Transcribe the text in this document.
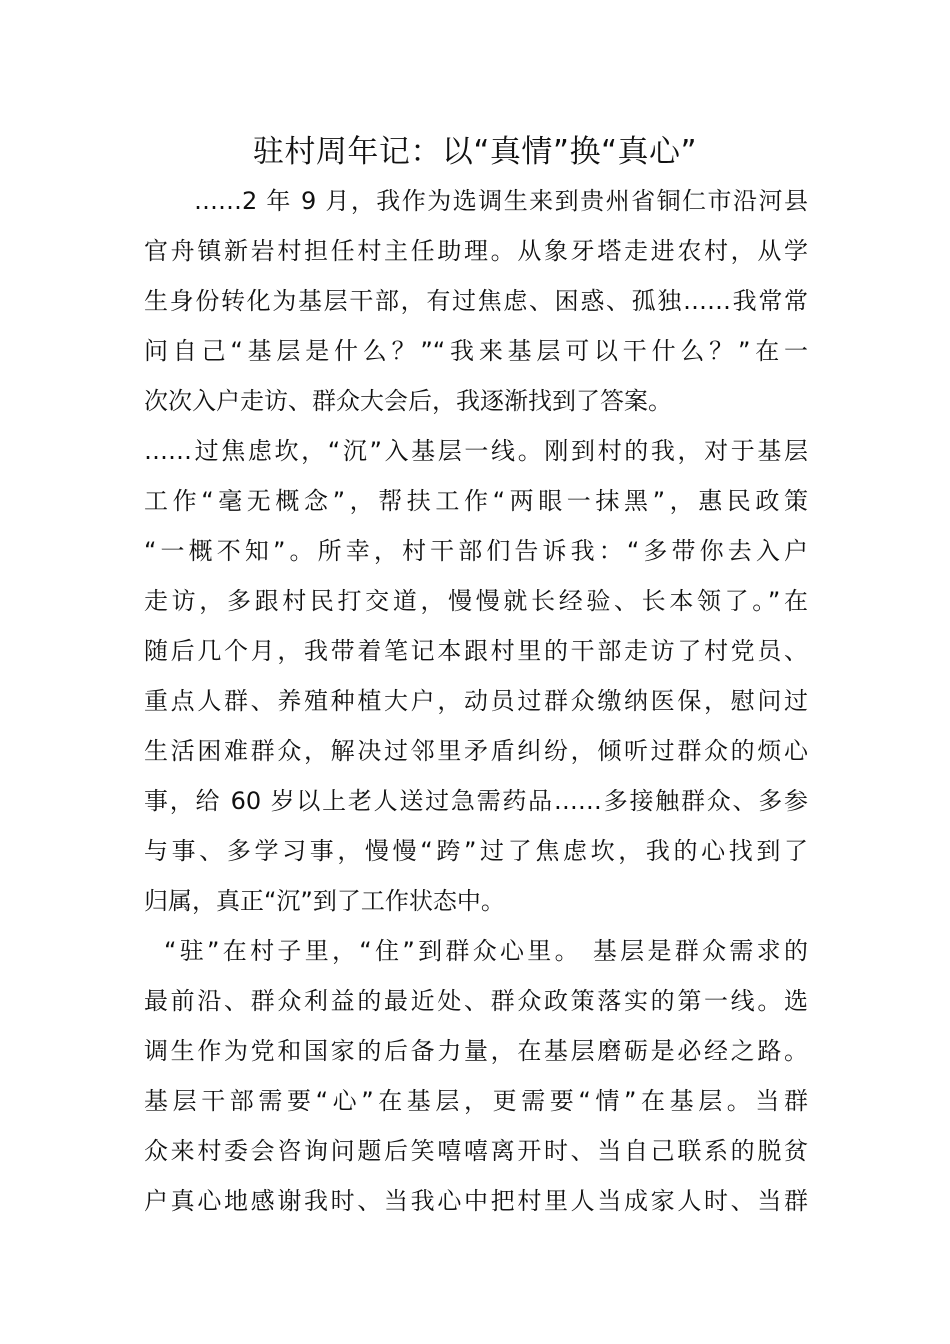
驻村周年记：以“真情”换“真心”

……2 年 9 月，我作为选调生来到贵州省铜仁市沿河县

官舟镇新岩村担任村主任助理。从象牙塔走进农村，从学

生身份转化为基层干部，有过焦虑、困惑、孤独……我常常

问自己“基层是什么？”“我来基层可以干什么？”在一

次次入户走访、群众大会后，我逐渐找到了答案。

……过焦虑坎，“沉”入基层一线。刚到村的我，对于基层

工作“毫无概念”，帮扶工作“两眼一抹黑”，惠民政策

“一概不知”。所幸，村干部们告诉我：“多带你去入户

走访，多跟村民打交道，慢慢就长经验、长本领了。”在

随后几个月，我带着笔记本跟村里的干部走访了村党员、

重点人群、养殖种植大户，动员过群众缴纳医保，慰问过

生活困难群众，解决过邻里矛盾纠纷，倾听过群众的烦心

事，给 60 岁以上老人送过急需药品……多接触群众、多参

与事、多学习事，慢慢“跨”过了焦虑坎，我的心找到了

归属，真正“沉”到了工作状态中。

“驻”在村子里，“住”到群众心里。 基层是群众需求的

最前沿、群众利益的最近处、群众政策落实的第一线。选

调生作为党和国家的后备力量，在基层磨砺是必经之路。

基层干部需要“心”在基层，更需要“情”在基层。当群

众来村委会咨询问题后笑嘻嘻离开时、当自己联系的脱贫

户真心地感谢我时、当我心中把村里人当成家人时、当群
